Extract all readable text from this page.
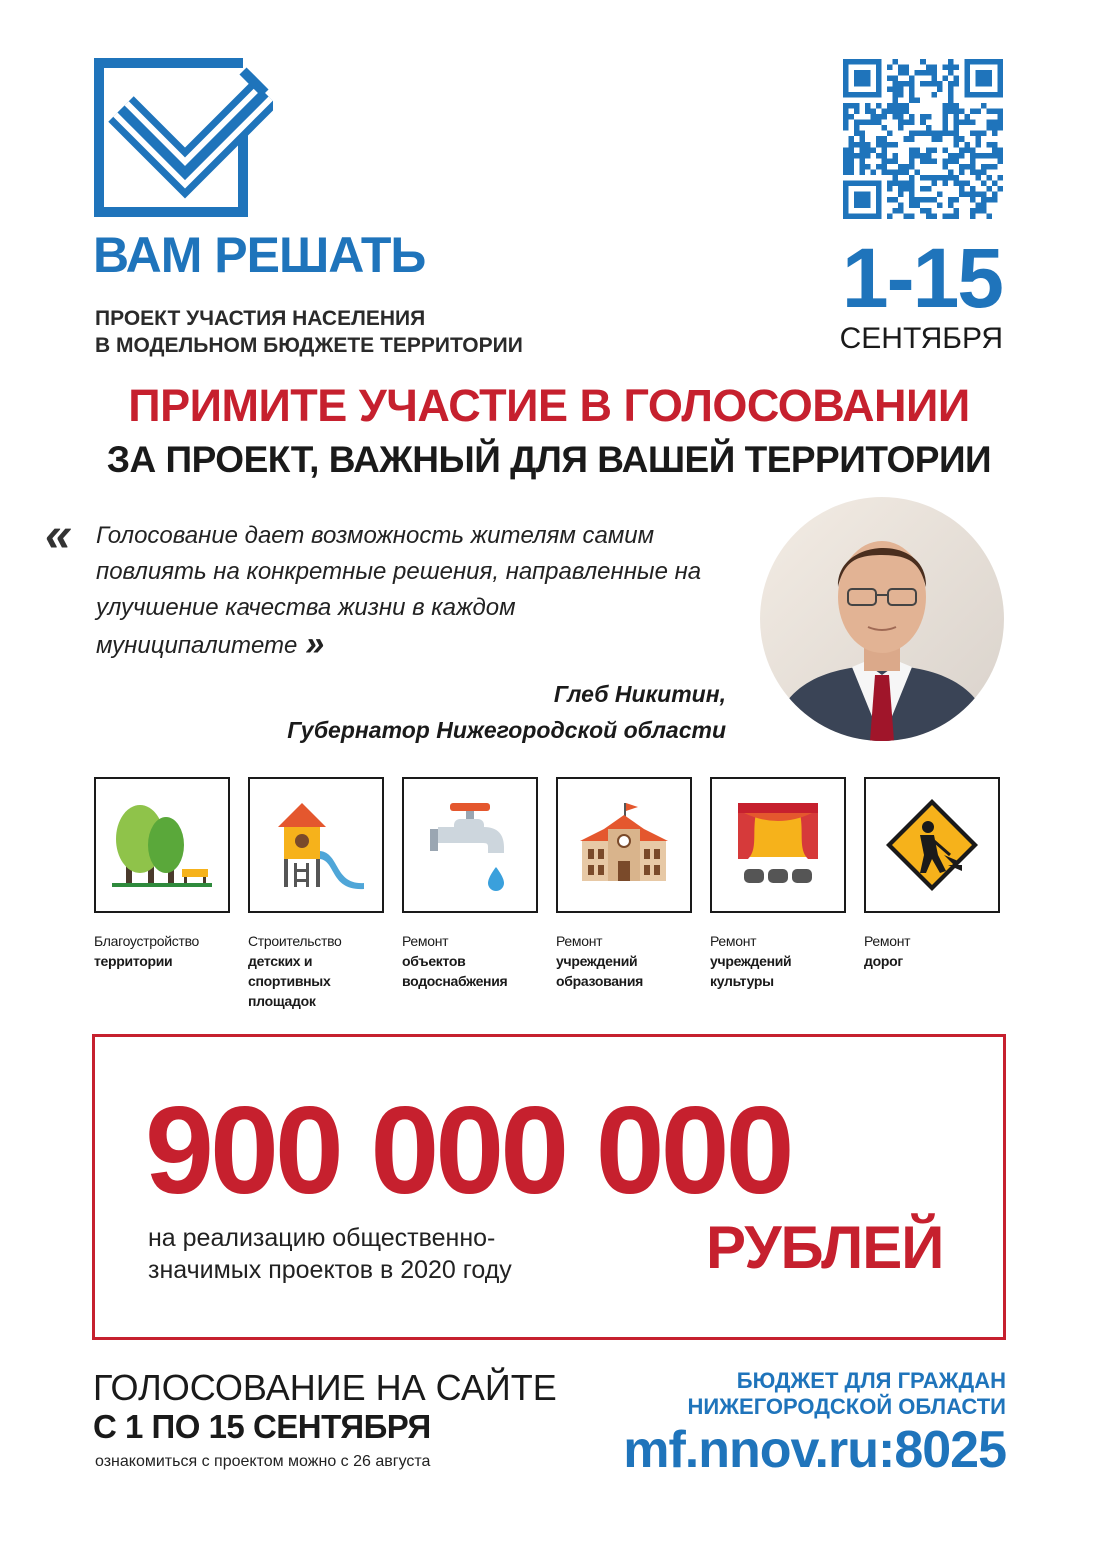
ВАМ РЕШАТЬ
ПРОЕКТ УЧАСТИЯ НАСЕЛЕНИЯ
В МОДЕЛЬНОМ БЮДЖЕТЕ ТЕРРИТОРИИ
1-15
СЕНТЯБРЯ
ПРИМИТЕ УЧАСТИЕ В ГОЛОСОВАНИИ
ЗА ПРОЕКТ, ВАЖНЫЙ ДЛЯ ВАШЕЙ ТЕРРИТОРИИ
« Голосование дает возможность жителям самим повлиять на конкретные решения, направленные на улучшение качества жизни в каждом муниципалитете »
Глеб Никитин,
Губернатор Нижегородской области
Благоустройство
территории
Строительство
детских и спортивных площадок
Ремонт
объектов водоснабжения
Ремонт
учреждений образования
Ремонт
учреждений культуры
Ремонт
дорог
900 000 000
на реализацию общественно-
значимых проектов в 2020 году	РУБЛЕЙ
ГОЛОСОВАНИЕ НА САЙТЕ
С 1 ПО 15 СЕНТЯБРЯ
ознакомиться с проектом можно с 26 августа
БЮДЖЕТ ДЛЯ ГРАЖДАН
НИЖЕГОРОДСКОЙ ОБЛАСТИ
mf.nnov.ru:8025
